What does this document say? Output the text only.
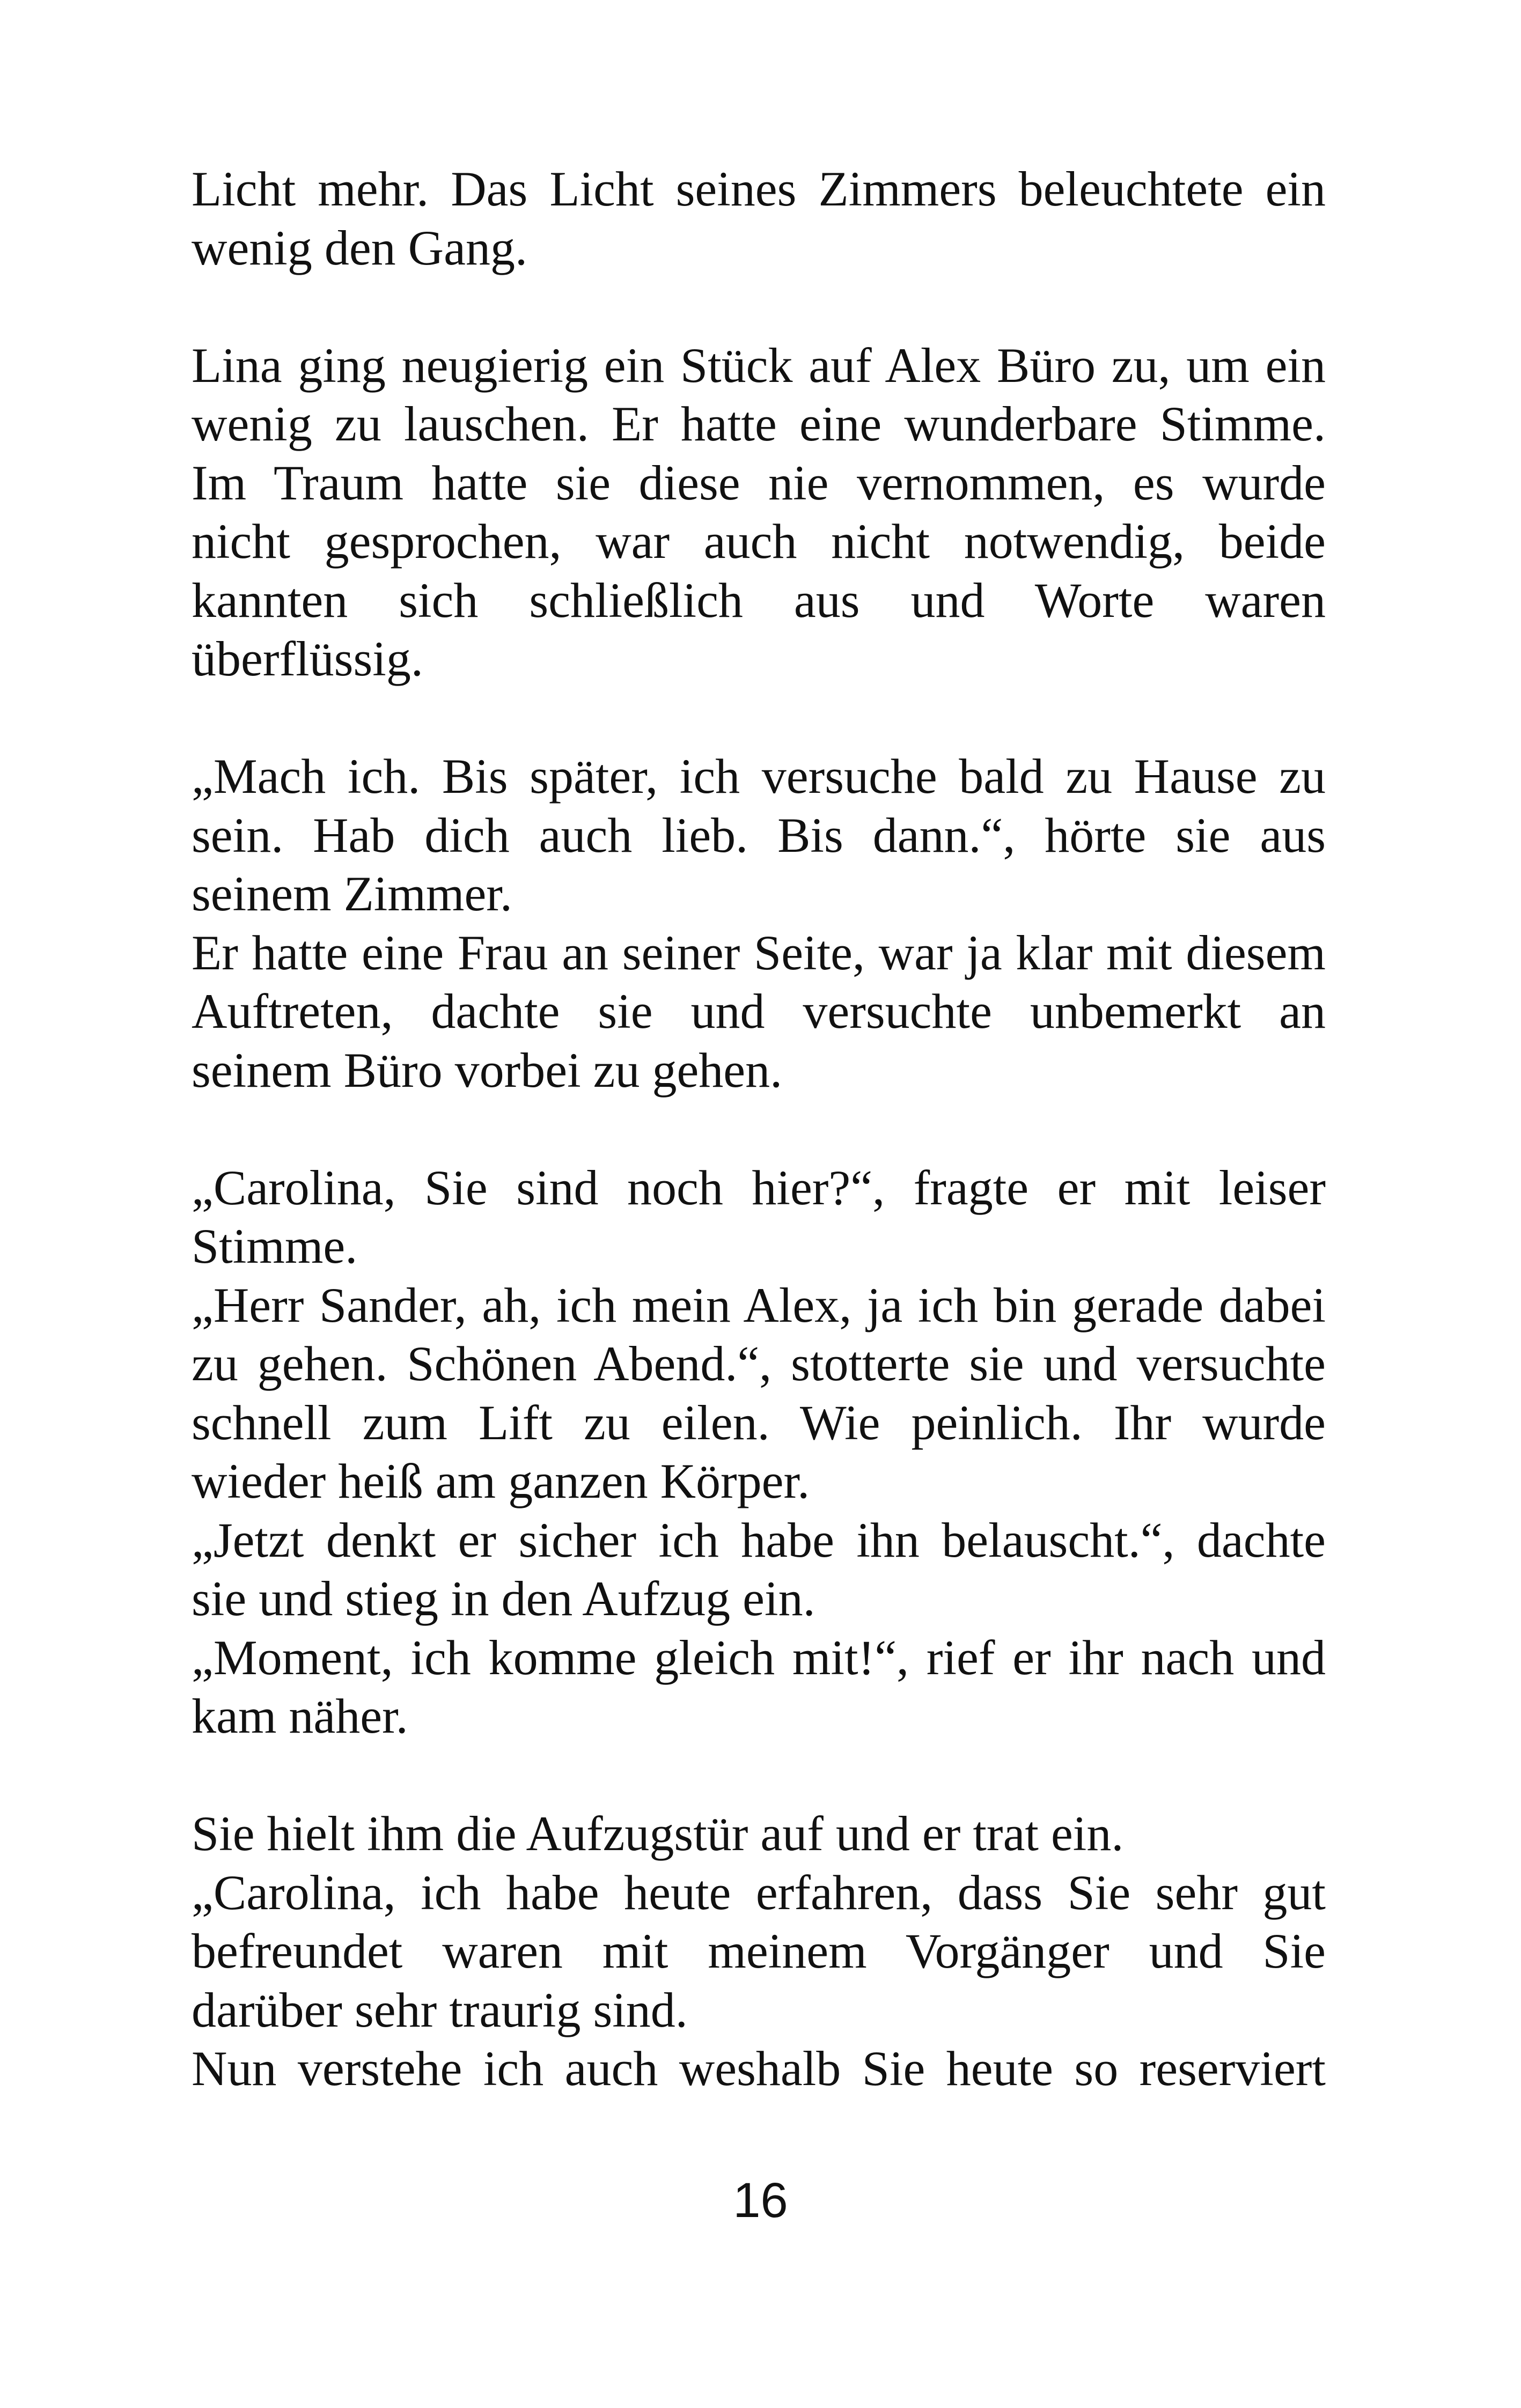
Licht mehr. Das Licht seines Zimmers beleuchtete ein
wenig den Gang.
Lina ging neugierig ein Stück auf Alex Büro zu, um ein
wenig zu lauschen. Er hatte eine wunderbare Stimme.
Im Traum hatte sie diese nie vernommen, es wurde
nicht gesprochen, war auch nicht notwendig, beide
kannten sich schließlich aus und Worte waren
überflüssig.
„Mach ich. Bis später, ich versuche bald zu Hause zu
sein. Hab dich auch lieb. Bis dann.“, hörte sie aus
seinem Zimmer.
Er hatte eine Frau an seiner Seite, war ja klar mit diesem
Auftreten, dachte sie und versuchte unbemerkt an
seinem Büro vorbei zu gehen.
„Carolina, Sie sind noch hier?“, fragte er mit leiser
Stimme.
„Herr Sander, ah, ich mein Alex, ja ich bin gerade dabei
zu gehen. Schönen Abend.“, stotterte sie und versuchte
schnell zum Lift zu eilen. Wie peinlich. Ihr wurde
wieder heiß am ganzen Körper.
„Jetzt denkt er sicher ich habe ihn belauscht.“, dachte
sie und stieg in den Aufzug ein.
„Moment, ich komme gleich mit!“, rief er ihr nach und
kam näher.
Sie hielt ihm die Aufzugstür auf und er trat ein.
„Carolina, ich habe heute erfahren, dass Sie sehr gut
befreundet waren mit meinem Vorgänger und Sie
darüber sehr traurig sind.
Nun verstehe ich auch weshalb Sie heute so reserviert
16
